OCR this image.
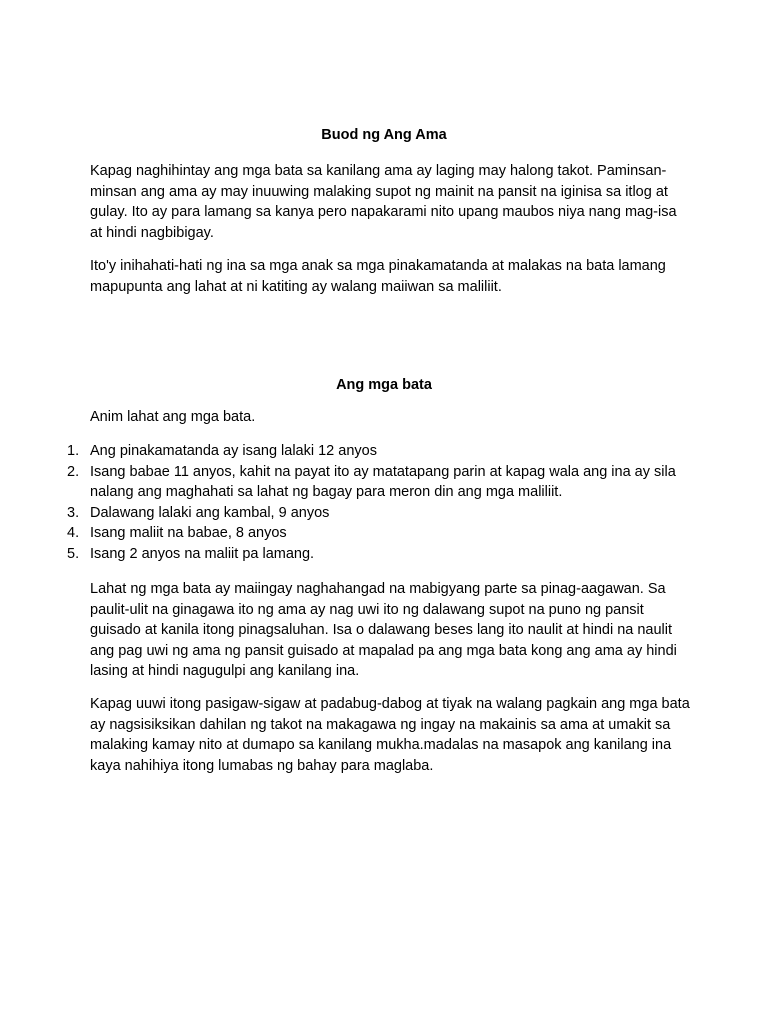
Buod ng Ang Ama

Kapag naghihintay ang mga bata sa kanilang ama ay laging may halong takot. Paminsan-minsan ang ama ay may inuuwing malaking supot ng mainit na pansit na iginisa sa itlog at gulay. Ito ay para lamang sa kanya pero napakarami nito upang maubos niya nang mag-isa at hindi nagbibigay.

Ito'y inihahati-hati ng ina sa mga anak sa mga pinakamatanda at malakas na bata lamang mapupunta ang lahat at ni katiting ay walang maiiwan sa maliliit.

Ang mga bata

Anim lahat ang mga bata.

1. Ang pinakamatanda ay isang lalaki 12 anyos
2. Isang babae 11 anyos, kahit na payat ito ay matatapang parin at kapag wala ang ina ay sila nalang ang maghahati sa lahat ng bagay para meron din ang mga maliliit.
3. Dalawang lalaki ang kambal, 9 anyos
4. Isang maliit na babae, 8 anyos
5. Isang 2 anyos na maliit pa lamang.

Lahat ng mga bata ay maiingay naghahangad na mabigyang parte sa pinag-aagawan. Sa paulit-ulit na ginagawa ito ng ama ay nag uwi ito ng dalawang supot na puno ng pansit guisado at kanila itong pinagsaluhan. Isa o dalawang beses lang ito naulit at hindi na naulit ang pag uwi ng ama ng pansit guisado at mapalad pa ang mga bata kong ang ama ay hindi lasing at hindi nagugulpi ang kanilang ina.

Kapag uuwi itong pasigaw-sigaw at padabug-dabog at tiyak na walang pagkain ang mga bata ay nagsisiksikan dahilan ng takot na makagawa ng ingay na makainis sa ama at umakit sa malaking kamay nito at dumapo sa kanilang mukha.madalas na masapok ang kanilang ina kaya nahihiya itong lumabas ng bahay para maglaba.
